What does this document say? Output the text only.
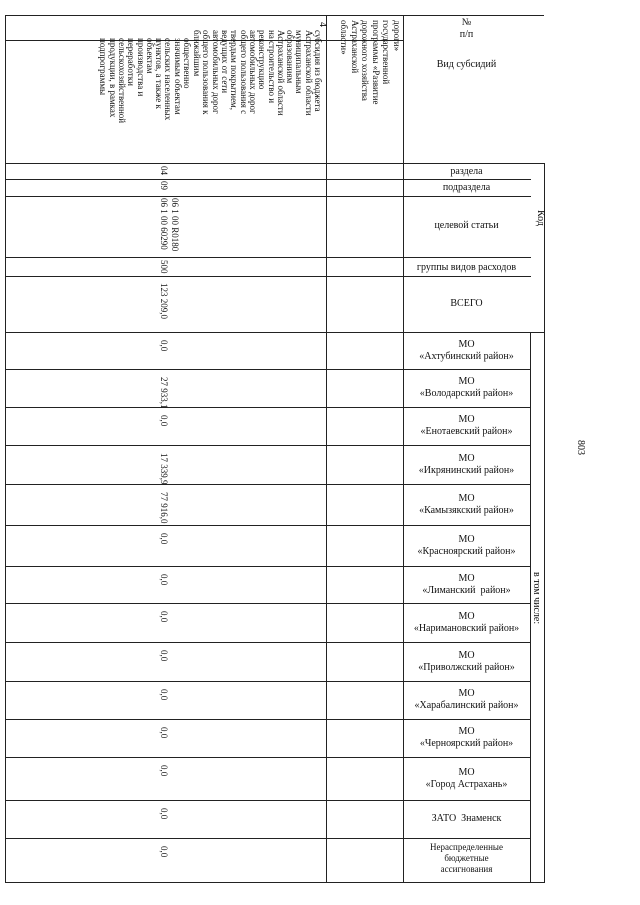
№
п/п
Вид субсидий
раздела
подраздела
целевой статьи
группы видов расходов
ВСЕГО
Код
в том числе:
803
МО
«Ахтубинский район»
МО
«Володарский район»
МО
«Енотаевский район»
МО
«Икрянинский район»
МО
«Камызякский район»
МО
«Красноярский район»
МО
«Лиманский  район»
МО
«Наримановский район»
МО
«Приволжский район»
МО
«Харабалинский район»
МО
«Черноярский район»
МО
«Город Астрахань»
ЗАТО  Знаменск
Нераспределенные
бюджетные
ассигнования
дороги»
государственной
программы «Развитие
дорожного хозяйства
Астраханской
области»
4
субсидия из бюджета
Астраханской области
муниципальным
образованиям
Астраханской области
на строительство и
реконструкцию
автомобильных дорог
общего пользования с
твердым покрытием,
ведущих от сети
автомобильных дорог
общего пользования к
ближайшим
общественно
значимым объектам
сельских населенных
пунктов, а также к
объектам
производства и
переработки
сельскохозяйственной
продукции, в рамках
подпрограммы
04
09
06 1 00 R0180
06 1 00 60290
500
123 209,0
0,0
27 933,1
0,0
17 339,9
77 916,0
0,0
0,0
0,0
0,0
0,0
0,0
0,0
0,0
0,0
